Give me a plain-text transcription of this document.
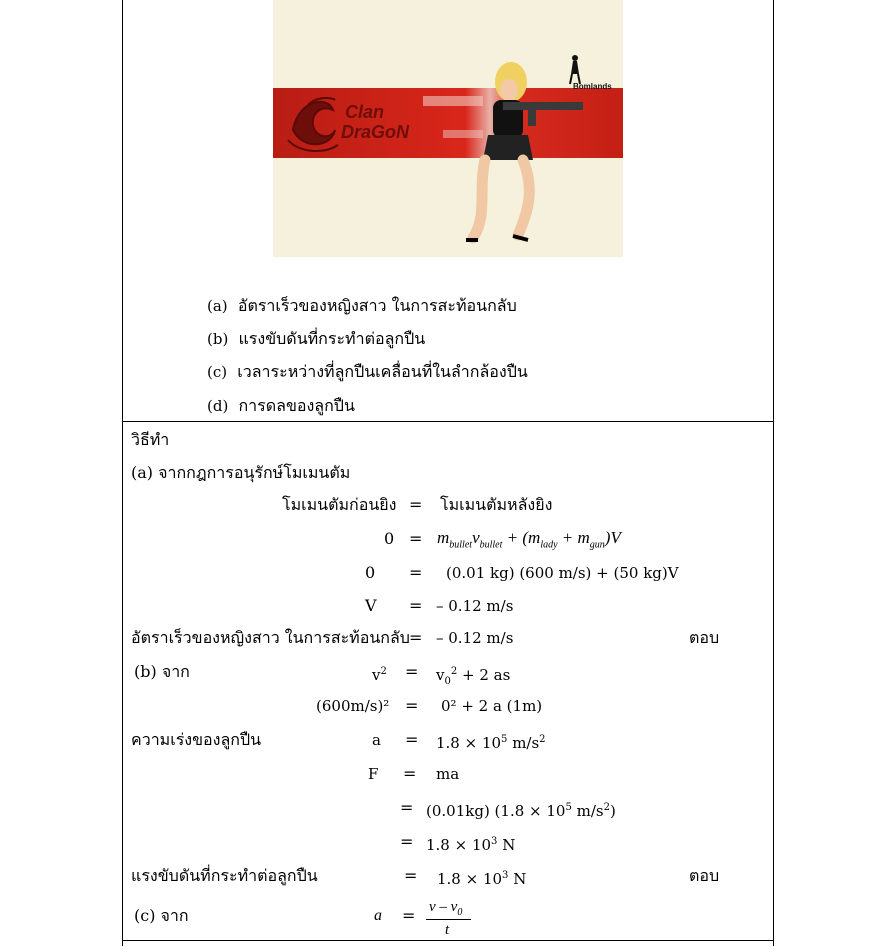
Clan
DraGoN
Bomlands
(a) อัตราเร็วของหญิงสาว ในการสะท้อนกลับ
(b) แรงขับดันที่กระทำต่อลูกปืน
(c) เวลาระหว่างที่ลูกปืนเคลื่อนที่ในลำกล้องปืน
(d) การดลของลูกปืน
วิธีทำ
(a) จากกฎการอนุรักษ์โมเมนตัม
โมเมนตัมก่อนยิง = โมเมนตัมหลังยิง
$0 = m_{bullet}v_{bullet} + (m_{lady} + m_{gun})V$
0 = (0.01 kg) (600 m/s) + (50 kg)V
V = – 0.12 m/s
อัตราเร็วของหญิงสาว ในการสะท้อนกลับ = – 0.12 m/s	ตอบ
(b) จาก	$v^2 = v_0^2 + 2$ as
(600m/s)² = 0² + 2 a (1m)
ความเร่งของลูกปืน	$a = 1.8 \times 10^5$ $m/s^2$
F = ma
= (0.01kg) ($1.8 \times 10^5$ $m/s^2$)
= $1.8 \times 10^3$ N
แรงขับดันที่กระทำต่อลูกปืน	= $1.8 \times 10^3$ N	ตอบ
(c) จาก	$a = v - v_0$
t
